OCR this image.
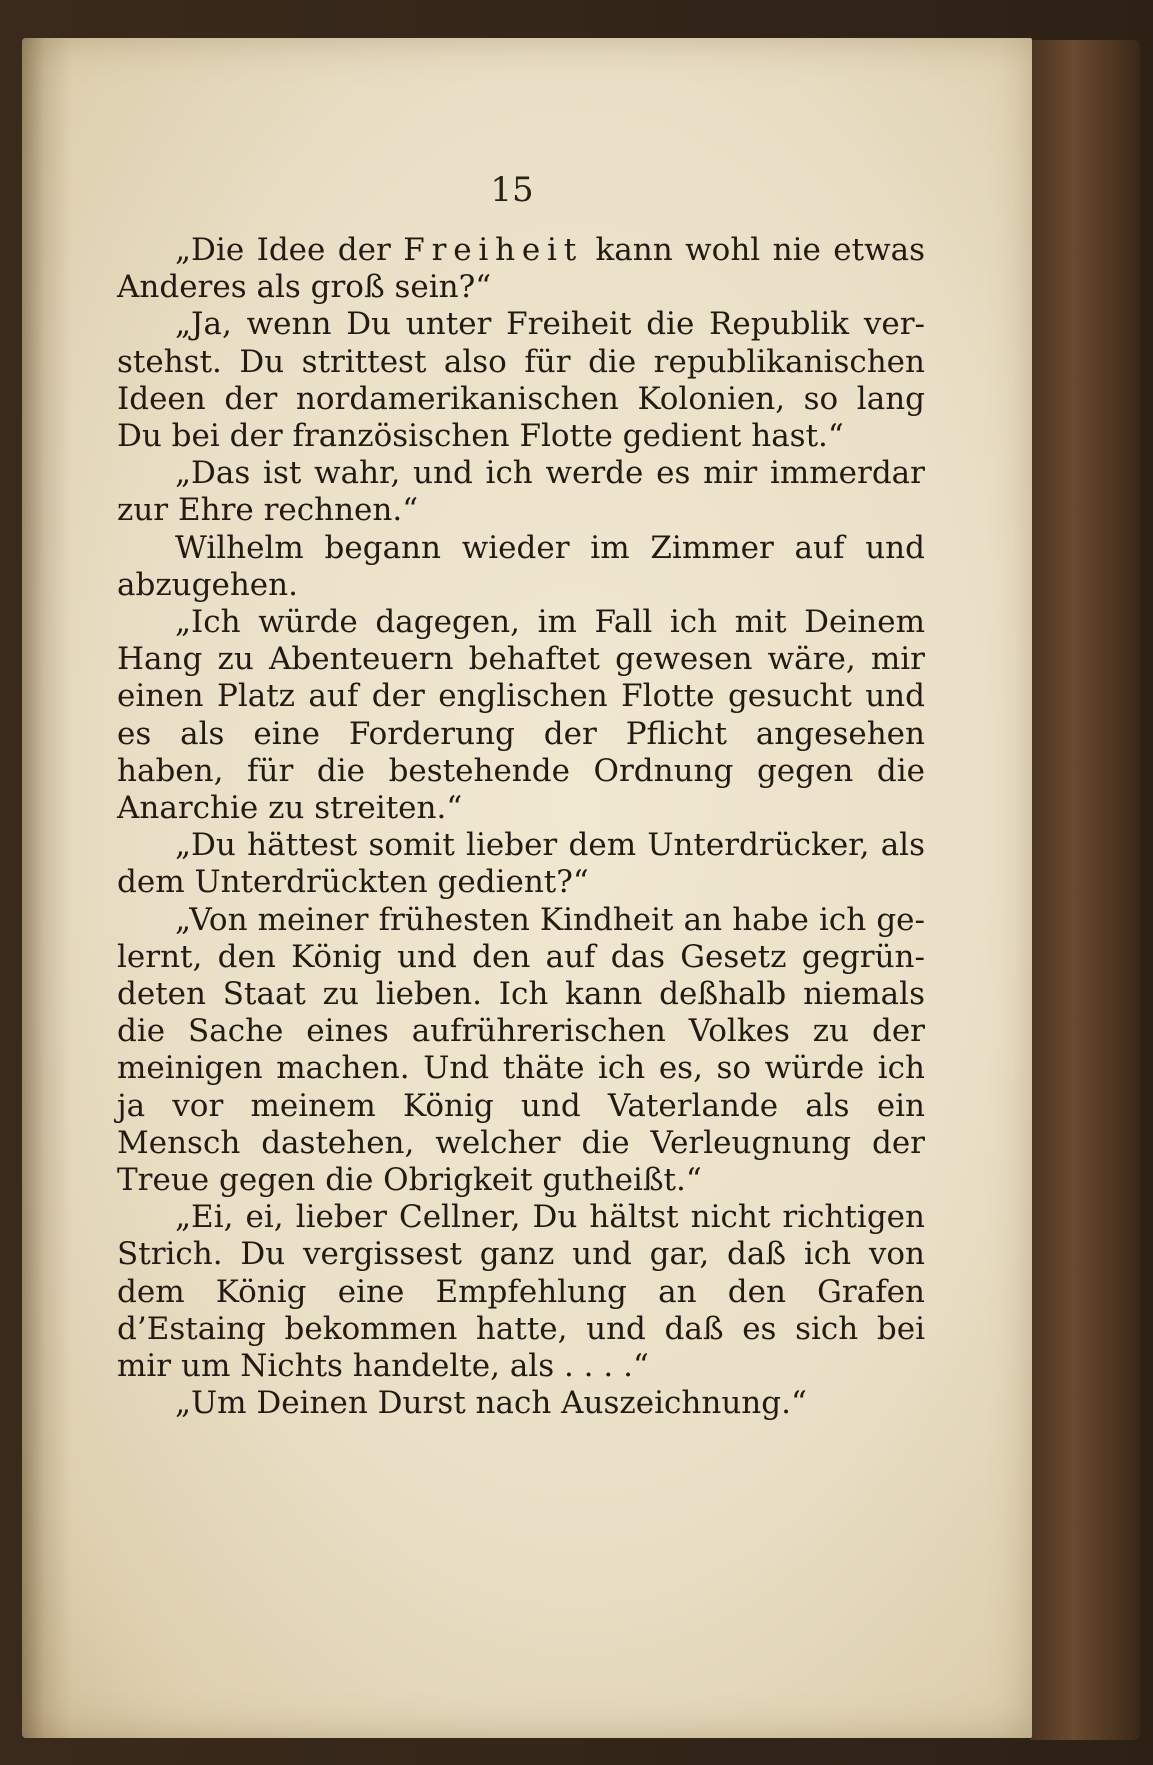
15

„Die Idee der Freiheit kann wohl nie etwas Anderes als groß sein?“

„Ja, wenn Du unter Freiheit die Republik verstehst. Du strittest also für die republikanischen Ideen der nordamerikanischen Kolonien, so lang Du bei der französischen Flotte gedient hast.“

„Das ist wahr, und ich werde es mir immerdar zur Ehre rechnen.“

Wilhelm begann wieder im Zimmer auf und abzugehen.

„Ich würde dagegen, im Fall ich mit Deinem Hang zu Abenteuern behaftet gewesen wäre, mir einen Platz auf der englischen Flotte gesucht und es als eine Forderung der Pflicht angesehen haben, für die bestehende Ordnung gegen die Anarchie zu streiten.“

„Du hättest somit lieber dem Unterdrücker, als dem Unterdrückten gedient?“

„Von meiner frühesten Kindheit an habe ich gelernt, den König und den auf das Gesetz gegründeten Staat zu lieben. Ich kann deßhalb niemals die Sache eines aufrührerischen Volkes zu der meinigen machen. Und thäte ich es, so würde ich ja vor meinem König und Vaterlande als ein Mensch dastehen, welcher die Verleugnung der Treue gegen die Obrigkeit gutheißt.“

„Ei, ei, lieber Cellner, Du hältst nicht richtigen Strich. Du vergissest ganz und gar, daß ich von dem König eine Empfehlung an den Grafen d’Estaing bekommen hatte, und daß es sich bei mir um Nichts handelte, als . . . .“

„Um Deinen Durst nach Auszeichnung.“
